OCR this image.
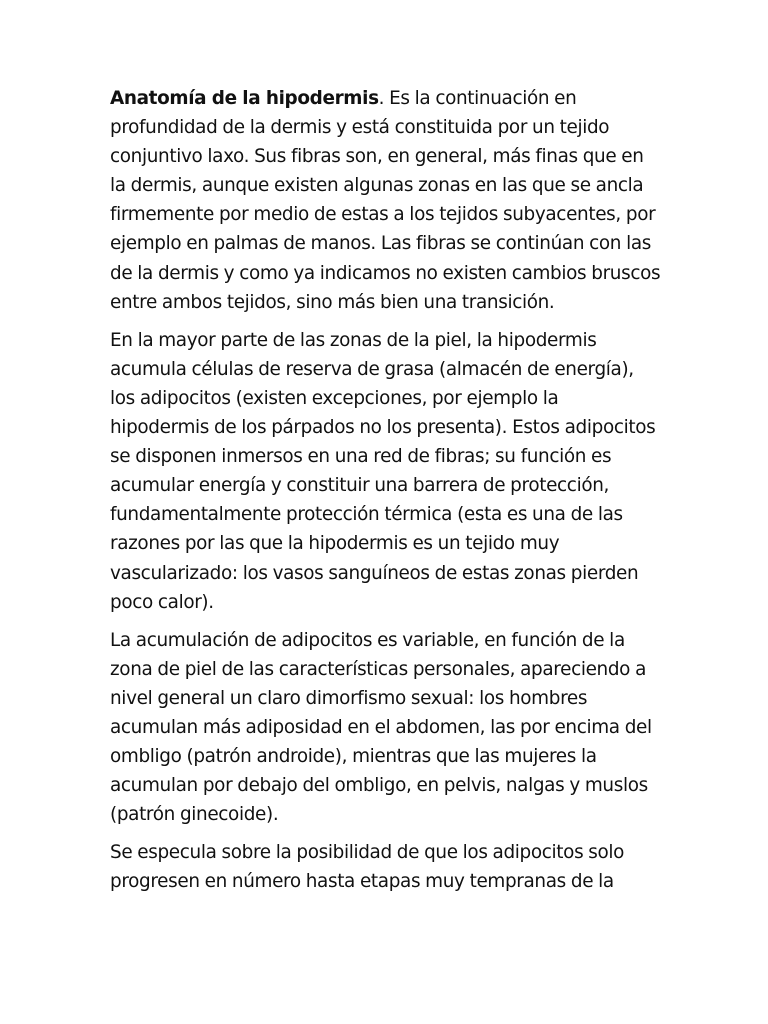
Anatomía de la hipodermis. Es la continuación en profundidad de la dermis y está constituida por un tejido conjuntivo laxo. Sus fibras son, en general, más finas que en la dermis, aunque existen algunas zonas en las que se ancla firmemente por medio de estas a los tejidos subyacentes, por ejemplo en palmas de manos. Las fibras se continúan con las de la dermis y como ya indicamos no existen cambios bruscos entre ambos tejidos, sino más bien una transición.

En la mayor parte de las zonas de la piel, la hipodermis acumula células de reserva de grasa (almacén de energía), los adipocitos (existen excepciones, por ejemplo la hipodermis de los párpados no los presenta). Estos adipocitos se disponen inmersos en una red de fibras; su función es acumular energía y constituir una barrera de protección, fundamentalmente protección térmica (esta es una de las razones por las que la hipodermis es un tejido muy vascularizado: los vasos sanguíneos de estas zonas pierden poco calor).

La acumulación de adipocitos es variable, en función de la zona de piel de las características personales, apareciendo a nivel general un claro dimorfismo sexual: los hombres acumulan más adiposidad en el abdomen, las por encima del ombligo (patrón androide), mientras que las mujeres la acumulan por debajo del ombligo, en pelvis, nalgas y muslos (patrón ginecoide).

Se especula sobre la posibilidad de que los adipocitos solo progresen en número hasta etapas muy tempranas de la
